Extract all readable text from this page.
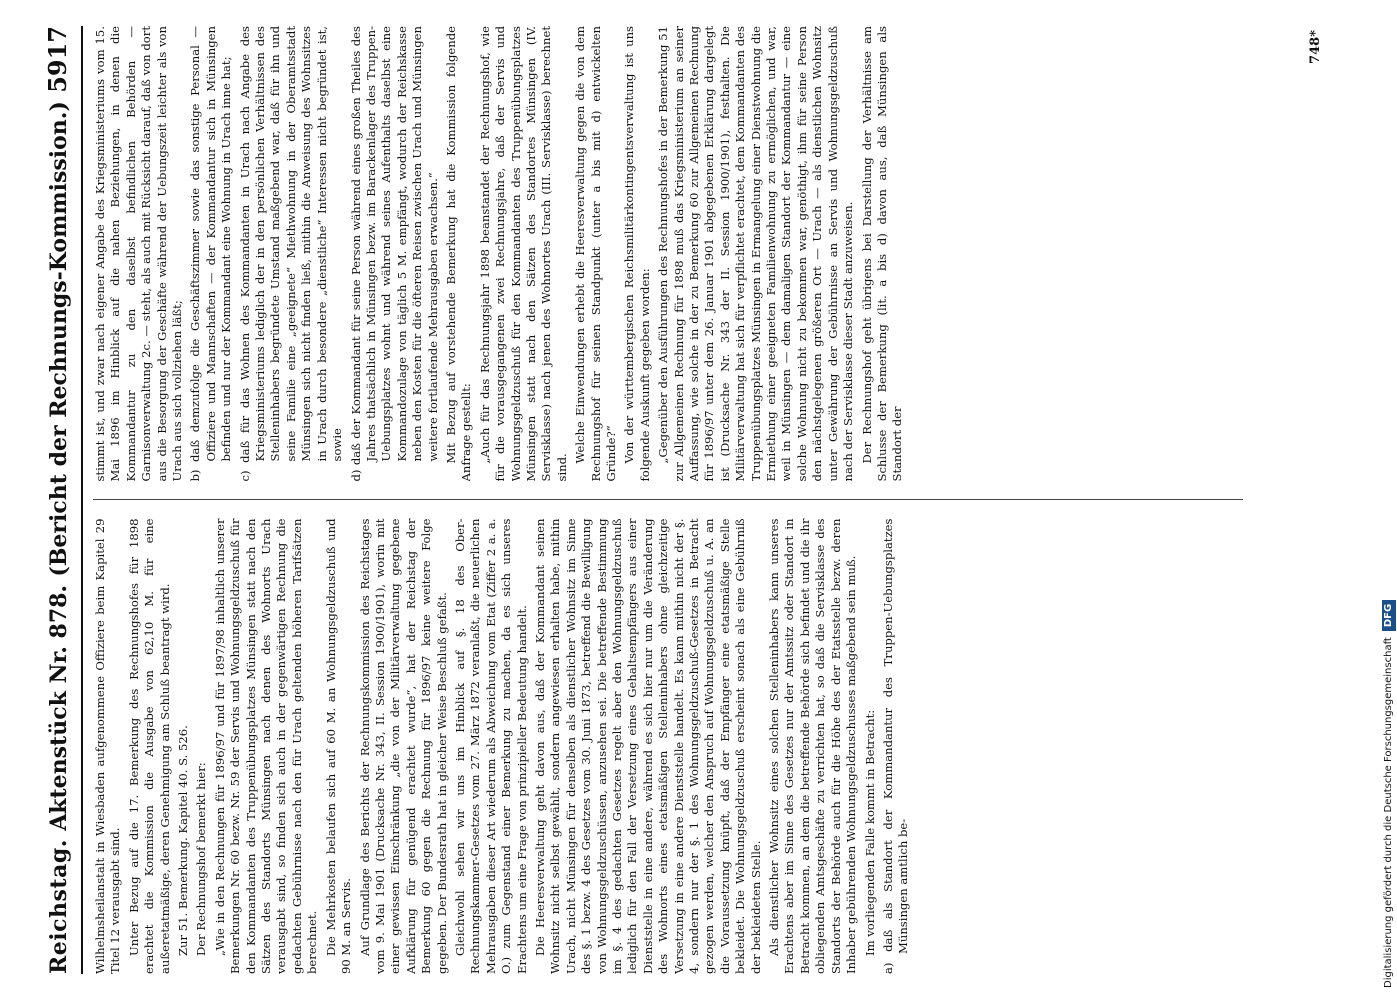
Reichstag.
Aktenstück Nr. 878.
(Bericht der Rechnungs-Kommission.)
5917

Wilhelmsheilanstalt in Wiesbaden aufgenommene Offiziere beim Kapitel 29 Titel 12 verausgabt sind. Unter Bezug auf die 17. Bemerkung des Rechnungshofes für 1898 erachtet die Kommission die Ausgabe von 62,10 M. für eine außeretatmäßige, deren Genehmigung am Schluß beantragt wird. Zur 51. Bemerkung. Kapitel 40. S. 526. Der Rechnungshof bemerkt hier: „Wie in den Rechnungen für 1896/97 und für 1897/98 inhaltlich unserer Bemerkungen Nr. 60 bezw. Nr. 59 der Servis und Wohnungsgeldzuschuß für den Kommandanten des Truppenübungsplatzes Münsingen statt nach den Sätzen des Standorts Münsingen nach denen des Wohnorts Urach verausgabt sind, so finden sich auch in der gegenwärtigen Rechnung die gedachten Gebührnisse nach den für Urach geltenden höheren Tarifsätzen berechnet. Die Mehrkosten belaufen sich auf 60 M. an Wohnungsgeldzuschuß und 90 M. an Servis. Auf Grundlage des Berichts der Rechnungskommission des Reichstages vom 9. Mai 1901 (Drucksache Nr. 343, II. Session 1900/1901), worin mit einer gewissen Einschränkung „die von der Militärverwaltung gegebene Aufklärung für genügend erachtet wurde“, hat der Reichstag der Bemerkung 60 gegen die Rechnung für 1896/97 keine weitere Folge gegeben. Der Bundesrath hat in gleicher Weise Beschluß gefaßt. Gleichwohl sehen wir uns im Hinblick auf §. 18 des Ober-Rechnungskammer-Gesetzes vom 27. März 1872 veranlaßt, die neuerlichen Mehrausgaben dieser Art wiederum als Abweichung vom Etat (Ziffer 2 a. a. O.) zum Gegenstand einer Bemerkung zu machen, da es sich unseres Erachtens um eine Frage von prinzipieller Bedeutung handelt. Die Heeresverwaltung geht davon aus, daß der Kommandant seinen Wohnsitz nicht selbst gewählt, sondern angewiesen erhalten habe, mithin Urach, nicht Münsingen für denselben als dienstlicher Wohnsitz im Sinne des §. 1 bezw. 4 des Gesetzes vom 30. Juni 1873, betreffend die Bewilligung von Wohnungsgeldzuschüssen, anzusehen sei. Die betreffende Bestimmung im §. 4 des gedachten Gesetzes regelt aber den Wohnungsgeldzuschuß lediglich für den Fall der Versetzung eines Gehaltsempfängers aus einer Dienststelle in eine andere, während es sich hier nur um die Veränderung des Wohnorts eines etatsmäßigen Stelleninhabers ohne gleichzeitige Versetzung in eine andere Dienststelle handelt. Es kann mithin nicht der §. 4, sondern nur der §. 1 des Wohnungsgeldzuschuß-Gesetzes in Betracht gezogen werden, welcher den Anspruch auf Wohnungsgeldzuschuß u. A. an die Voraussetzung knüpft, daß der Empfänger eine etatsmäßige Stelle bekleidet. Die Wohnungsgeldzuschuß erscheint sonach als eine Gebührniß der bekleideten Stelle. Als dienstlicher Wohnsitz eines solchen Stelleninhabers kann unseres Erachtens aber im Sinne des Gesetzes nur der Amtssitz oder Standort in Betracht kommen, an dem die betreffende Behörde sich befindet und die ihr obliegenden Amtsgeschäfte zu verrichten hat, so daß die Servisklasse des Standorts der Behörde auch für die Höhe des der Etatsstelle bezw. deren Inhaber gebührenden Wohnungsgeldzuschusses maßgebend sein muß. Im vorliegenden Falle kommt in Betracht: a) daß als Standort der Kommandantur des Truppen-Uebungsplatzes Münsingen amtlich be-

stimmt ist, und zwar nach eigener Angabe des Kriegsministeriums vom 15. Mai 1896 im Hinblick auf die nahen Beziehungen, in denen die Kommandantur zu den daselbst befindlichen Behörden — Garnisonverwaltung 2c. — steht, als auch mit Rücksicht darauf, daß von dort aus die Besorgung der Geschäfte während der Uebungszeit leichter als von Urach aus sich vollziehen läßt; b) daß demzufolge die Geschäftszimmer sowie das sonstige Personal — Offiziere und Mannschaften — der Kommandantur sich in Münsingen befinden und nur der Kommandant eine Wohnung in Urach inne hat; c) daß für das Wohnen des Kommandanten in Urach nach Angabe des Kriegsministeriums lediglich der in den persönlichen Verhältnissen des Stelleninhabers begründete Umstand maßgebend war, daß für ihn und seine Familie eine „geeignete“ Miethwohnung in der Oberamtsstadt Münsingen sich nicht finden ließ, mithin die Anweisung des Wohnsitzes in Urach durch besondere „dienstliche“ Interessen nicht begründet ist, sowie d) daß der Kommandant für seine Person während eines großen Theiles des Jahres thatsächlich in Münsingen bezw. im Barackenlager des Truppen-Uebungsplatzes wohnt und während seines Aufenthalts daselbst eine Kommandozulage von täglich 5 M. empfängt, wodurch der Reichskasse neben den Kosten für die öfteren Reisen zwischen Urach und Münsingen weitere fortlaufende Mehrausgaben erwachsen.“ Mit Bezug auf vorstehende Bemerkung hat die Kommission folgende Anfrage gestellt: „Auch für das Rechnungsjahr 1898 beanstandet der Rechnungshof, wie für die vorausgegangenen zwei Rechnungsjahre, daß der Servis und Wohnungsgeldzuschuß für den Kommandanten des Truppenübungsplatzes Münsingen statt nach den Sätzen des Standortes Münsingen (IV. Servisklasse) nach jenen des Wohnortes Urach (III. Servisklasse) berechnet sind.

Welche Einwendungen erhebt die Heeresverwaltung gegen die von dem Rechnungshof für seinen Standpunkt (unter a bis mit d) entwickelten Gründe?“ Von der württembergischen Reichsmilitärkontingentsverwaltung ist uns folgende Auskunft gegeben worden: „Gegenüber den Ausführungen des Rechnungshofes in der Bemerkung 51 zur Allgemeinen Rechnung für 1898 muß das Kriegsministerium an seiner Auffassung, wie solche in der zu Bemerkung 60 zur Allgemeinen Rechnung für 1896/97 unter dem 26. Januar 1901 abgegebenen Erklärung dargelegt ist (Drucksache Nr. 343 der II. Session 1900/1901), festhalten. Die Militärverwaltung hat sich für verpflichtet erachtet, dem Kommandanten des Truppenübungsplatzes Münsingen in Ermangelung einer Dienstwohnung die Ermiethung einer geeigneten Familienwohnung zu ermöglichen, und war, weil in Münsingen — dem damaligen Standort der Kommandantur — eine solche Wohnung nicht zu bekommen war, genöthigt, ihm für seine Person den nächstgelegenen größeren Ort — Urach — als dienstlichen Wohnsitz unter Gewährung der Gebührnisse an Servis und Wohnungsgeldzuschuß nach der Servisklasse dieser Stadt anzuweisen. Der Rechnungshof geht übrigens bei Darstellung der Verhältnisse am Schlusse der Bemerkung (lit. a bis d) davon aus, daß Münsingen als Standort der

748*
Digitalisierung gefördert durch die Deutsche Forschungsgemeinschaft
DFG
